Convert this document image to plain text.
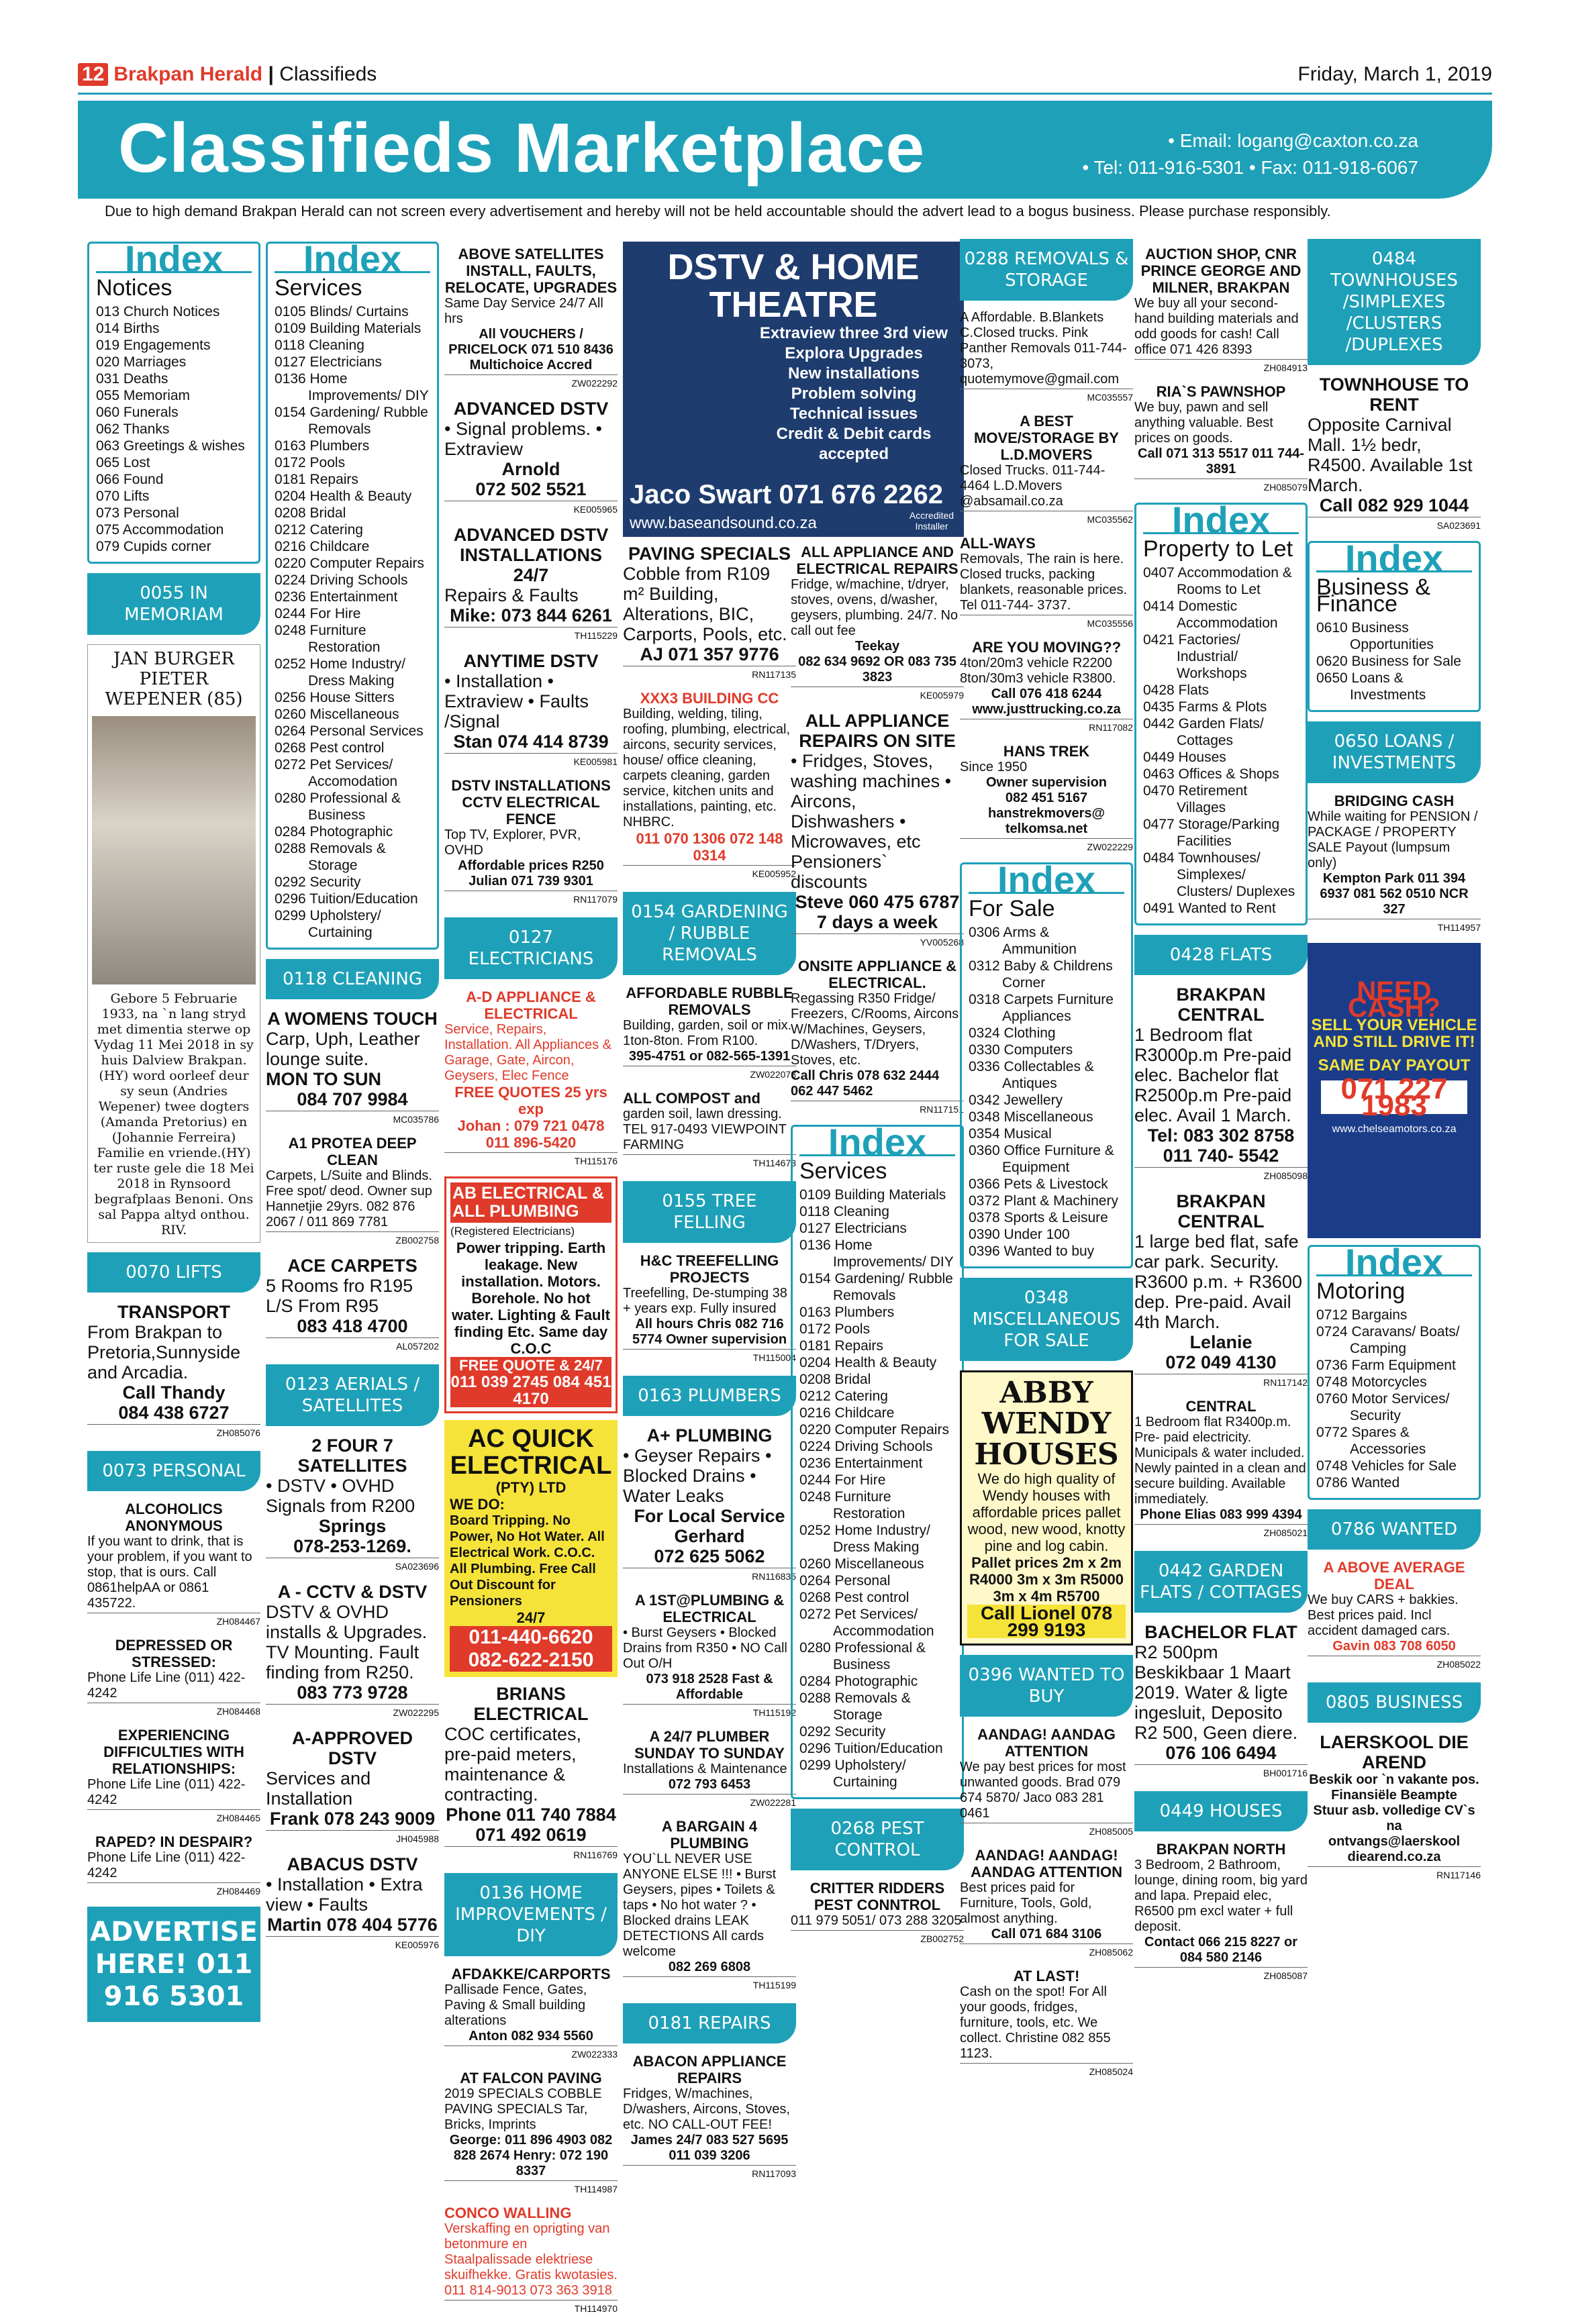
12 Brakpan Herald | Classifieds	Friday, March 1, 2019
Classifieds Marketplace	• Email: logang@caxton.co.za
• Tel: 011-916-5301 • Fax: 011-918-6067
Due to high demand Brakpan Herald can not screen every advertisement and hereby will not be held accountable should the advert lead to a bogus business. Please purchase responsibly.
Index
Notices
013 Church Notices
014 Births
019 Engagements
020 Marriages
031 Deaths
055 Memoriam
060 Funerals
062 Thanks
063 Greetings & wishes
065 Lost
066 Found
070 Lifts
073 Personal
075 Accommodation
079 Cupids corner
0055 IN MEMORIAM
JAN BURGER PIETER WEPENER (85)
Gebore 5 Februarie 1933, na `n lang stryd met dimentia sterwe op Vydag 11 Mei 2018 in sy huis Dalview Brakpan. (HY) word oorleef deur sy seun (Andries Wepener) twee dogters (Amanda Pretorius) en (Johannie Ferreira) Familie en vriende.(HY) ter ruste gele die 18 Mei 2018 in Rynsoord begrafplaas Benoni. Ons sal Pappa altyd onthou. RIV.
0070 LIFTS
TRANSPORT
From Brakpan to Pretoria,Sunnyside and Arcadia.
Call Thandy
084 438 6727
ZH085076
0073 PERSONAL
ALCOHOLICS ANONYMOUS
If you want to drink, that is your problem, if you want to stop, that is ours. Call 0861helpAA or 0861 435722.
ZH084467
DEPRESSED OR STRESSED:
Phone Life Line (011) 422-4242
ZH084468
EXPERIENCING DIFFICULTIES WITH RELATIONSHIPS:
Phone Life Line (011) 422-4242
ZH084465
RAPED? IN DESPAIR?
Phone Life Line (011) 422-4242
ZH084469
ADVERTISE HERE! 011 916 5301
Index
Services
0105 Blinds/ Curtains
0109 Building Materials
0118 Cleaning
0127 Electricians
0136 Home Improvements/ DIY
0154 Gardening/ Rubble Removals
0163 Plumbers
0172 Pools
0181 Repairs
0204 Health & Beauty
0208 Bridal
0212 Catering
0216 Childcare
0220 Computer Repairs
0224 Driving Schools
0236 Entertainment
0244 For Hire
0248 Furniture Restoration
0252 Home Industry/ Dress Making
0256 House Sitters
0260 Miscellaneous
0264 Personal Services
0268 Pest control
0272 Pet Services/ Accomodation
0280 Professional & Business
0284 Photographic
0288 Removals & Storage
0292 Security
0296 Tuition/Education
0299 Upholstery/ Curtaining
0118 CLEANING
A WOMENS TOUCH
Carp, Uph, Leather lounge suite.
MON TO SUN
084 707 9984
MC035786
A1 PROTEA DEEP CLEAN
Carpets, L/Suite and Blinds. Free spot/ deod. Owner sup Hannetjie 29yrs. 082 876 2067 / 011 869 7781
ZB002758
ACE CARPETS
5 Rooms fro R195 L/S From R95
083 418 4700
AL057202
0123 AERIALS / SATELLITES
2 FOUR 7 SATELLITES
• DSTV • OVHD Signals from R200
Springs
078-253-1269.
SA023696
A - CCTV & DSTV
DSTV & OVHD installs & Upgrades. TV Mounting. Fault finding from R250.
083 773 9728
ZW022295
A-APPROVED DSTV
Services and Installation
Frank 078 243 9009
JH045988
ABACUS DSTV
• Installation • Extra view • Faults
Martin 078 404 5776
KE005976
ABOVE SATELLITES INSTALL, FAULTS, RELOCATE, UPGRADES
Same Day Service 24/7 All hrs
All VOUCHERS / PRICELOCK 071 510 8436
Multichoice Accred
ZW022292
ADVANCED DSTV
• Signal problems. • Extraview
Arnold
072 502 5521
KE005965
ADVANCED DSTV INSTALLATIONS 24/7
Repairs & Faults
Mike: 073 844 6261
TH115229
ANYTIME DSTV
• Installation • Extraview • Faults /Signal
Stan 074 414 8739
KE005981
DSTV INSTALLATIONS CCTV ELECTRICAL FENCE
Top TV, Explorer, PVR, OVHD
Affordable prices R250 Julian 071 739 9301
RN117079
0127 ELECTRICIANS
A-D APPLIANCE & ELECTRICAL
Service, Repairs, Installation. All Appliances & Garage, Gate, Aircon, Geysers, Elec Fence
FREE QUOTES 25 yrs exp
Johan : 079 721 0478 011 896-5420
TH115176
AB ELECTRICAL & ALL PLUMBING
(Registered Electricians)
Power tripping. Earth leakage. New installation. Motors. Borehole. No hot water. Lighting & Fault finding Etc. Same day C.O.C
FREE QUOTE & 24/7
011 039 2745 084 451 4170
AC QUICK ELECTRICAL
(PTY) LTD
WE DO:
Board Tripping. No Power, No Hot Water. All Electrical Work. C.O.C. All Plumbing. Free Call Out Discount for Pensioners
24/7
011-440-6620 082-622-2150
BRIANS ELECTRICAL
COC certificates, pre-paid meters, maintenance & contracting.
Phone 011 740 7884 071 492 0619
RN116769
0136 HOME IMPROVEMENTS / DIY
AFDAKKE/CARPORTS
Pallisade Fence, Gates, Paving & Small building alterations
Anton 082 934 5560
ZW022333
AT FALCON PAVING
2019 SPECIALS COBBLE PAVING SPECIALS Tar, Bricks, Imprints
George: 011 896 4903 082 828 2674 Henry: 072 190 8337
TH114987
CONCO WALLING
Verskaffing en oprigting van betonmure en Staalpalissade elektriese skuifhekke. Gratis kwotasies. 011 814-9013 073 363 3918
TH114970
DSTV & HOME THEATRE
Extraview three 3rd view
Explora Upgrades
New installations
Problem solving
Technical issues
Credit & Debit cards accepted
Jaco Swart 071 676 2262
www.baseandsound.co.za	Accredited Installer
PAVING SPECIALS
Cobble from R109 m² Building, Alterations, BIC, Carports, Pools, etc.
AJ 071 357 9776
RN117135
XXX3 BUILDING CC
Building, welding, tiling, roofing, plumbing, electrical, aircons, security services, house/ office cleaning, carpets cleaning, garden service, kitchen units and installations, painting, etc. NHBRC.
011 070 1306 072 148 0314
KE005952
0154 GARDENING / RUBBLE REMOVALS
AFFORDABLE RUBBLE REMOVALS
Building, garden, soil or mix. 1ton-8ton. From R100.
395-4751 or 082-565-1391
ZW022078
ALL COMPOST and
garden soil, lawn dressing. TEL 917-0493 VIEWPOINT FARMING
TH114673
0155 TREE FELLING
H&C TREEFELLING PROJECTS
Treefelling, De-stumping 38 + years exp. Fully insured
All hours Chris 082 716 5774 Owner supervision
TH115004
0163 PLUMBERS
A+ PLUMBING
• Geyser Repairs • Blocked Drains • Water Leaks
For Local Service Gerhard
072 625 5062
RN116835
A 1ST@PLUMBING & ELECTRICAL
• Burst Geysers • Blocked Drains from R350 • NO Call Out O/H
073 918 2528 Fast & Affordable
TH115192
A 24/7 PLUMBER SUNDAY TO SUNDAY
Installations & Maintenance
072 793 6453
ZW022281
A BARGAIN 4 PLUMBING
YOU`LL NEVER USE ANYONE ELSE !!! • Burst Geysers, pipes • Toilets & taps • No hot water ? • Blocked drains LEAK DETECTIONS All cards welcome
082 269 6808
TH115199
0181 REPAIRS
ABACON APPLIANCE REPAIRS
Fridges, W/machines, D/washers, Aircons, Stoves, etc. NO CALL-OUT FEE!
James 24/7 083 527 5695 011 039 3206
RN117093
ALL APPLIANCE AND ELECTRICAL REPAIRS
Fridge, w/machine, t/dryer, stoves, ovens, d/washer, geysers, plumbing. 24/7. No call out fee
Teekay
082 634 9692 OR 083 735 3823
KE005979
ALL APPLIANCE REPAIRS ON SITE
• Fridges, Stoves, washing machines • Aircons, Dishwashers • Microwaves, etc Pensioners` discounts
Steve 060 475 6787 7 days a week
YV005268
ONSITE APPLIANCE & ELECTRICAL.
Regassing R350 Fridge/ Freezers, C/Rooms, Aircons, W/Machines, Geysers, D/Washers, T/Dryers, Stoves, etc.
Call Chris 078 632 2444 062 447 5462
RN117151
Index
Services
0109 Building Materials
0118 Cleaning
0127 Electricians
0136 Home Improvements/ DIY
0154 Gardening/ Rubble Removals
0163 Plumbers
0172 Pools
0181 Repairs
0204 Health & Beauty
0208 Bridal
0212 Catering
0216 Childcare
0220 Computer Repairs
0224 Driving Schools
0236 Entertainment
0244 For Hire
0248 Furniture Restoration
0252 Home Industry/ Dress Making
0260 Miscellaneous
0264 Personal
0268 Pest control
0272 Pet Services/ Accommodation
0280 Professional & Business
0284 Photographic
0288 Removals & Storage
0292 Security
0296 Tuition/Education
0299 Upholstery/ Curtaining
0268 PEST CONTROL
CRITTER RIDDERS PEST CONNTROL
011 979 5051/ 073 288 3205
ZB002752
0288 REMOVALS & STORAGE
A Affordable. B.Blankets
C.Closed trucks. Pink Panther Removals 011-744-3073, quotemymove@gmail.com
MC035557
A BEST MOVE/STORAGE BY L.D.MOVERS
Closed Trucks. 011-744-4464 L.D.Movers @absamail.co.za
MC035562
ALL-WAYS
Removals, The rain is here. Closed trucks, packing blankets, reasonable prices. Tel 011-744- 3737.
MC035556
ARE YOU MOVING??
4ton/20m3 vehicle R2200 8ton/30m3 vehicle R3800.
Call 076 418 6244 www.justtrucking.co.za
RN117082
HANS TREK
Since 1950
Owner supervision
082 451 5167 hanstrekmovers@ telkomsa.net
ZW022229
Index
For Sale
0306 Arms & Ammunition
0312 Baby & Childrens Corner
0318 Carpets Furniture Appliances
0324 Clothing
0330 Computers
0336 Collectables & Antiques
0342 Jewellery
0348 Miscellaneous
0354 Musical
0360 Office Furniture & Equipment
0366 Pets & Livestock
0372 Plant & Machinery
0378 Sports & Leisure
0390 Under 100
0396 Wanted to buy
0348 MISCELLANEOUS FOR SALE
ABBY WENDY HOUSES
We do high quality of Wendy houses with affordable prices pallet wood, new wood, knotty pine and log cabin.
Pallet prices 2m x 2m R4000 3m x 3m R5000 3m x 4m R5700
Call Lionel 078 299 9193
0396 WANTED TO BUY
AANDAG! AANDAG ATTENTION
We pay best prices for most unwanted goods. Brad 079 674 5870/ Jaco 083 281 0461
ZH085005
AANDAG! AANDAG! AANDAG ATTENTION
Best prices paid for Furniture, Tools, Gold, almost anything.
Call 071 684 3106
ZH085062
AT LAST!
Cash on the spot! For All your goods, fridges, furniture, tools, etc. We collect. Christine 082 855 1123.
ZH085024
AUCTION SHOP, CNR PRINCE GEORGE AND MILNER, BRAKPAN
We buy all your second-hand building materials and odd goods for cash! Call office 071 426 8393
ZH084913
RIA`S PAWNSHOP
We buy, pawn and sell anything valuable. Best prices on goods.
Call 071 313 5517 011 744-3891
ZH085079
Index
Property to Let
0407 Accommodation & Rooms to Let
0414 Domestic Accommodation
0421 Factories/ Industrial/ Workshops
0428 Flats
0435 Farms & Plots
0442 Garden Flats/ Cottages
0449 Houses
0463 Offices & Shops
0470 Retirement Villages
0477 Storage/Parking Facilities
0484 Townhouses/ Simplexes/ Clusters/ Duplexes
0491 Wanted to Rent
0428 FLATS
BRAKPAN CENTRAL
1 Bedroom flat R3000p.m Pre-paid elec. Bachelor flat R2500p.m Pre-paid elec. Avail 1 March.
Tel: 083 302 8758 011 740- 5542
ZH085098
BRAKPAN CENTRAL
1 large bed flat, safe car park. Security. R3600 p.m. + R3600 dep. Pre-paid. Avail 4th March.
Lelanie
072 049 4130
RN117142
CENTRAL
1 Bedroom flat R3400p.m. Pre- paid electricity. Municipals & water included. Newly painted in a clean and secure building. Available immediately.
Phone Elias 083 999 4394
ZH085021
0442 GARDEN FLATS / COTTAGES
BACHELOR FLAT
R2 500pm Beskikbaar 1 Maart 2019. Water & ligte ingesluit, Deposito R2 500, Geen diere.
076 106 6494
BH001716
0449 HOUSES
BRAKPAN NORTH
3 Bedroom, 2 Bathroom, lounge, dining room, big yard and lapa. Prepaid elec, R6500 pm excl water + full deposit.
Contact 066 215 8227 or 084 580 2146
ZH085087
0484 TOWNHOUSES /SIMPLEXES /CLUSTERS /DUPLEXES
TOWNHOUSE TO RENT
Opposite Carnival Mall. 1½ bedr, R4500. Available 1st March.
Call 082 929 1044
SA023691
Index
Business & Finance
0610 Business Opportunities
0620 Business for Sale
0650 Loans & Investments
0650 LOANS / INVESTMENTS
BRIDGING CASH
While waiting for PENSION / PACKAGE / PROPERTY SALE Payout (lumpsum only)
Kempton Park 011 394 6937 081 562 0510 NCR 327
TH114957
NEED CASH?
SELL YOUR VEHICLE AND STILL DRIVE IT!
SAME DAY PAYOUT
071 227 1983
www.chelseamotors.co.za
Index
Motoring
0712 Bargains
0724 Caravans/ Boats/ Camping
0736 Farm Equipment
0748 Motorcycles
0760 Motor Services/ Security
0772 Spares & Accessories
0748 Vehicles for Sale
0786 Wanted
0786 WANTED
A ABOVE AVERAGE DEAL
We buy CARS + bakkies. Best prices paid. Incl accident damaged cars.
Gavin 083 708 6050
ZH085022
0805 BUSINESS
LAERSKOOL DIE AREND
Beskik oor `n vakante pos. Finansiële Beampte
Stuur asb. volledige CV`s na
ontvangs@laerskool diearend.co.za
RN117146
